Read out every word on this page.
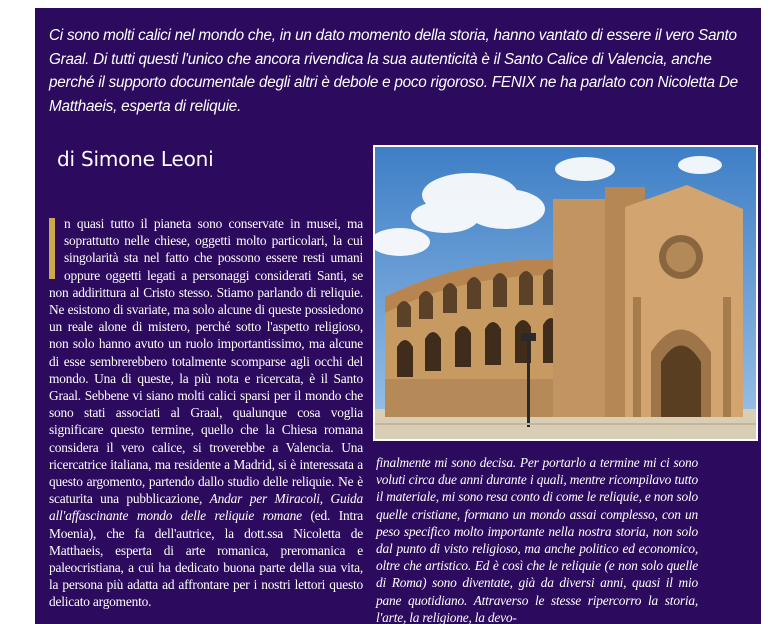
Ci sono molti calici nel mondo che, in un dato momento della storia, hanno vantato di essere il vero Santo Graal. Di tutti questi l'unico che ancora rivendica la sua autenticità è il Santo Calice di Valencia, anche perché il supporto documentale degli altri è debole e poco rigoroso. FENIX ne ha parlato con Nicoletta De Matthaeis, esperta di reliquie.
di Simone Leoni

n quasi tutto il pianeta sono conservate in musei, ma soprattutto nelle chiese, oggetti molto particolari, la cui singolarità sta nel fatto che possono essere resti umani oppure oggetti legati a personaggi considerati Santi, se non addirittura al Cristo stesso. Stiamo parlando di reliquie. Ne esistono di svariate, ma solo alcune di queste possiedono un reale alone di mistero, perché sotto l'aspetto religioso, non solo hanno avuto un ruolo importantissimo, ma alcune di esse sembrerebbero totalmente scomparse agli occhi del mondo. Una di queste, la più nota e ricercata, è il Santo Graal. Sebbene vi siano molti calici sparsi per il mondo che sono stati associati al Graal, qualunque cosa voglia significare questo termine, quello che la Chiesa romana considera il vero calice, si troverebbe a Valencia. Una ricercatrice italiana, ma residente a Madrid, si è interessata a questo argomento, partendo dallo studio delle reliquie. Ne è scaturita una pubblicazione, Andar per Miracoli, Guida all'affascinante mondo delle reliquie romane (ed. Intra Moenia), che fa dell'autrice, la dott.ssa Nicoletta de Matthaeis, esperta di arte romanica, preromanica e paleocristiana, a cui ha dedicato buona parte della sua vita, la persona più adatta ad affrontare per i nostri lettori questo delicato argomento.

finalmente mi sono decisa. Per portarlo a termine mi ci sono voluti circa due anni durante i quali, mentre ricompilavo tutto il materiale, mi sono resa conto di come le reliquie, e non solo quelle cristiane, formano un mondo assai complesso, con un peso specifico molto importante nella nostra storia, non solo dal punto di visto religioso, ma anche politico ed economico, oltre che artistico. Ed è così che le reliquie (e non solo quelle di Roma) sono diventate, già da diversi anni, quasi il mio pane quotidiano. Attraverso le stesse ripercorro la storia, l'arte, la religione, la devo-
